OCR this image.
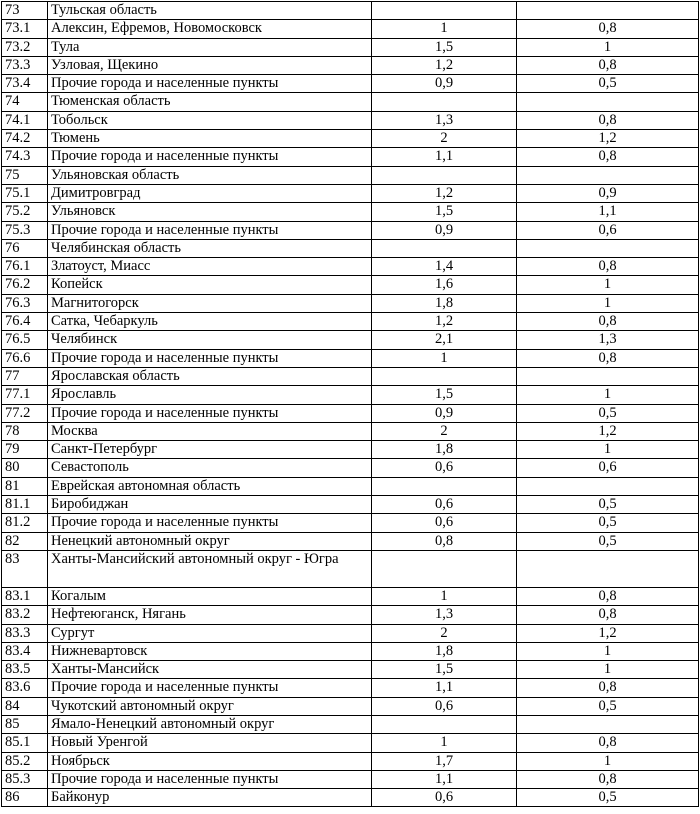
73	Тульская область		
73.1	Алексин, Ефремов, Новомосковск	1	0,8
73.2	Тула	1,5	1
73.3	Узловая, Щекино	1,2	0,8
73.4	Прочие города и населенные пункты	0,9	0,5
74	Тюменская область		
74.1	Тобольск	1,3	0,8
74.2	Тюмень	2	1,2
74.3	Прочие города и населенные пункты	1,1	0,8
75	Ульяновская область		
75.1	Димитровград	1,2	0,9
75.2	Ульяновск	1,5	1,1
75.3	Прочие города и населенные пункты	0,9	0,6
76	Челябинская область		
76.1	Златоуст, Миасс	1,4	0,8
76.2	Копейск	1,6	1
76.3	Магнитогорск	1,8	1
76.4	Сатка, Чебаркуль	1,2	0,8
76.5	Челябинск	2,1	1,3
76.6	Прочие города и населенные пункты	1	0,8
77	Ярославская область		
77.1	Ярославль	1,5	1
77.2	Прочие города и населенные пункты	0,9	0,5
78	Москва	2	1,2
79	Санкт-Петербург	1,8	1
80	Севастополь	0,6	0,6
81	Еврейская автономная область		
81.1	Биробиджан	0,6	0,5
81.2	Прочие города и населенные пункты	0,6	0,5
82	Ненецкий автономный округ	0,8	0,5
83	Ханты-Мансийский автономный округ - Югра		
83.1	Когалым	1	0,8
83.2	Нефтеюганск, Нягань	1,3	0,8
83.3	Сургут	2	1,2
83.4	Нижневартовск	1,8	1
83.5	Ханты-Мансийск	1,5	1
83.6	Прочие города и населенные пункты	1,1	0,8
84	Чукотский автономный округ	0,6	0,5
85	Ямало-Ненецкий автономный округ		
85.1	Новый Уренгой	1	0,8
85.2	Ноябрьск	1,7	1
85.3	Прочие города и населенные пункты	1,1	0,8
86	Байконур	0,6	0,5
